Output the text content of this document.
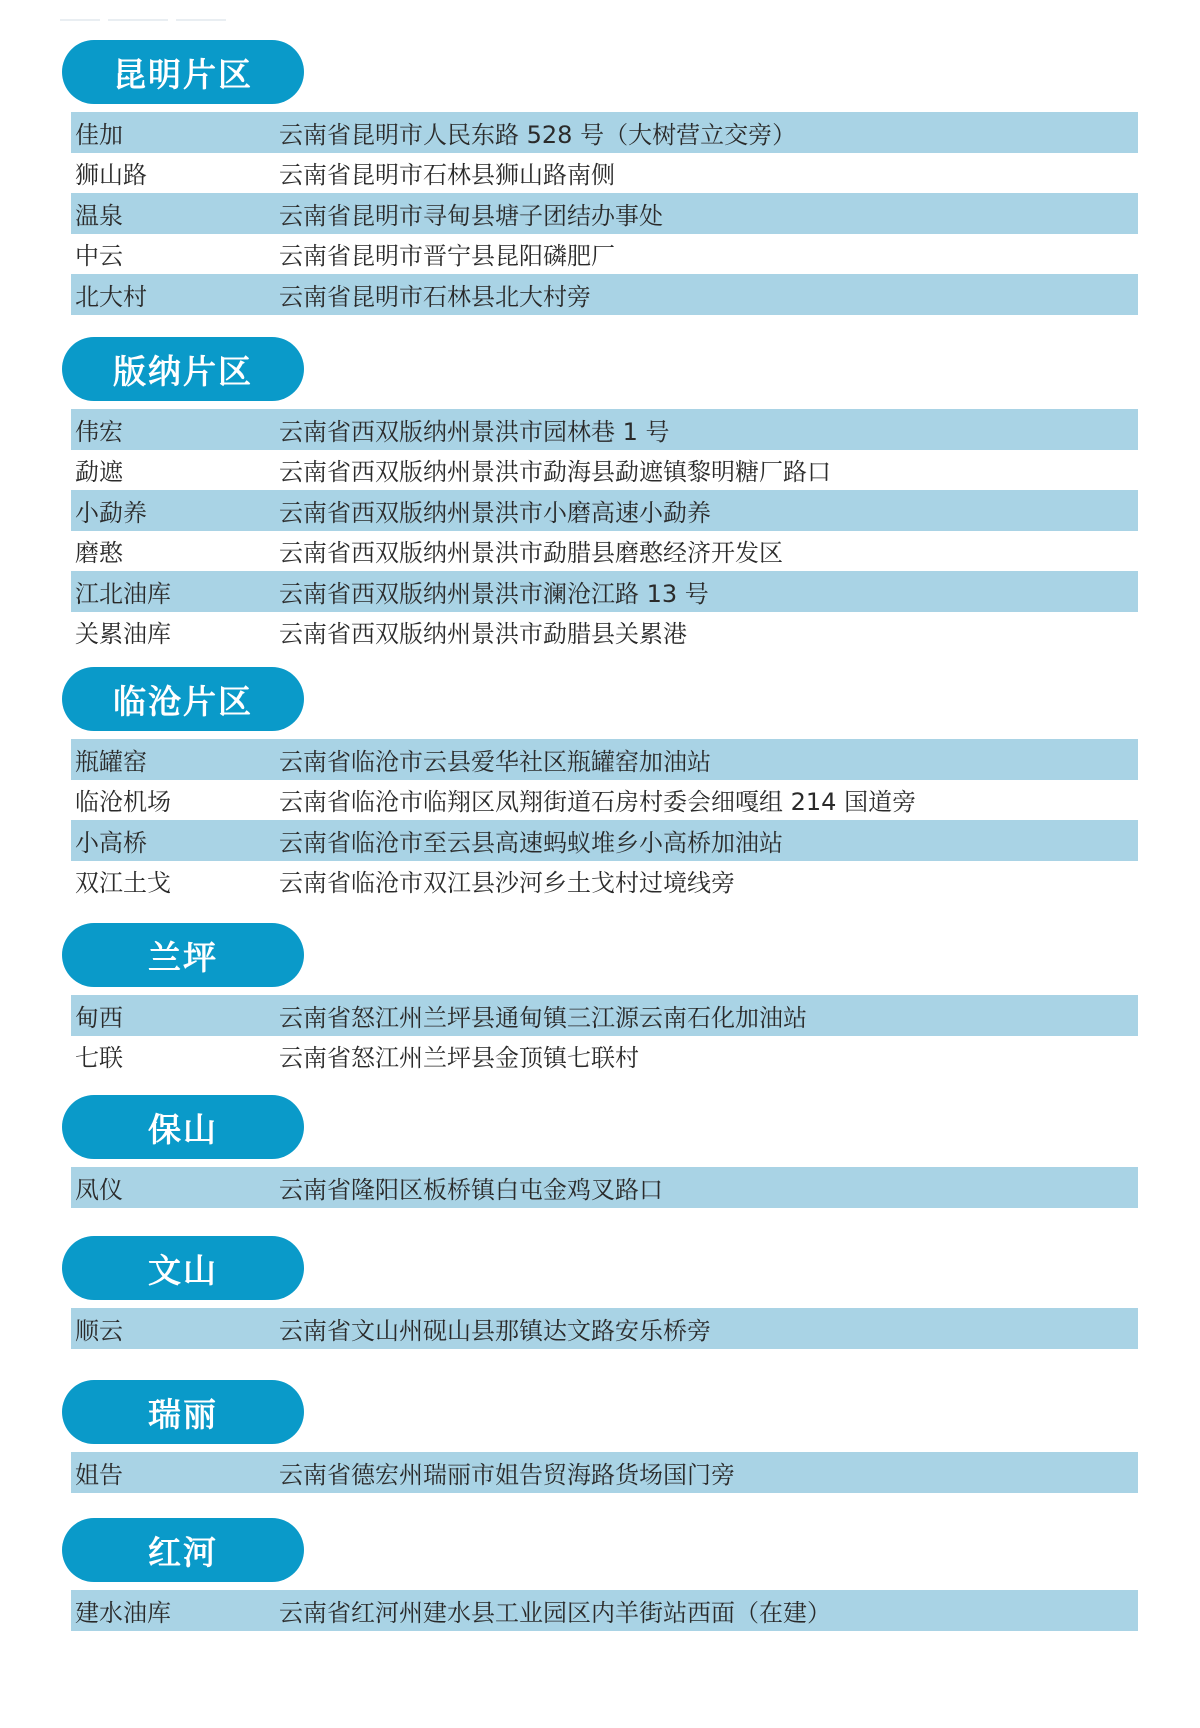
昆明片区
佳加	云南省昆明市人民东路 528 号（大树营立交旁）
狮山路	云南省昆明市石林县狮山路南侧
温泉	云南省昆明市寻甸县塘子团结办事处
中云	云南省昆明市晋宁县昆阳磷肥厂
北大村	云南省昆明市石林县北大村旁
版纳片区
伟宏	云南省西双版纳州景洪市园林巷 1 号
勐遮	云南省西双版纳州景洪市勐海县勐遮镇黎明糖厂路口
小勐养	云南省西双版纳州景洪市小磨高速小勐养
磨憨	云南省西双版纳州景洪市勐腊县磨憨经济开发区
江北油库	云南省西双版纳州景洪市澜沧江路 13 号
关累油库	云南省西双版纳州景洪市勐腊县关累港
临沧片区
瓶罐窑	云南省临沧市云县爱华社区瓶罐窑加油站
临沧机场	云南省临沧市临翔区凤翔街道石房村委会细嘎组 214 国道旁
小高桥	云南省临沧市至云县高速蚂蚁堆乡小高桥加油站
双江土戈	云南省临沧市双江县沙河乡土戈村过境线旁
兰坪
甸西	云南省怒江州兰坪县通甸镇三江源云南石化加油站
七联	云南省怒江州兰坪县金顶镇七联村
保山
凤仪	云南省隆阳区板桥镇白屯金鸡叉路口
文山
顺云	云南省文山州砚山县那镇达文路安乐桥旁
瑞丽
姐告	云南省德宏州瑞丽市姐告贸海路货场国门旁
红河
建水油库	云南省红河州建水县工业园区内羊街站西面（在建）
